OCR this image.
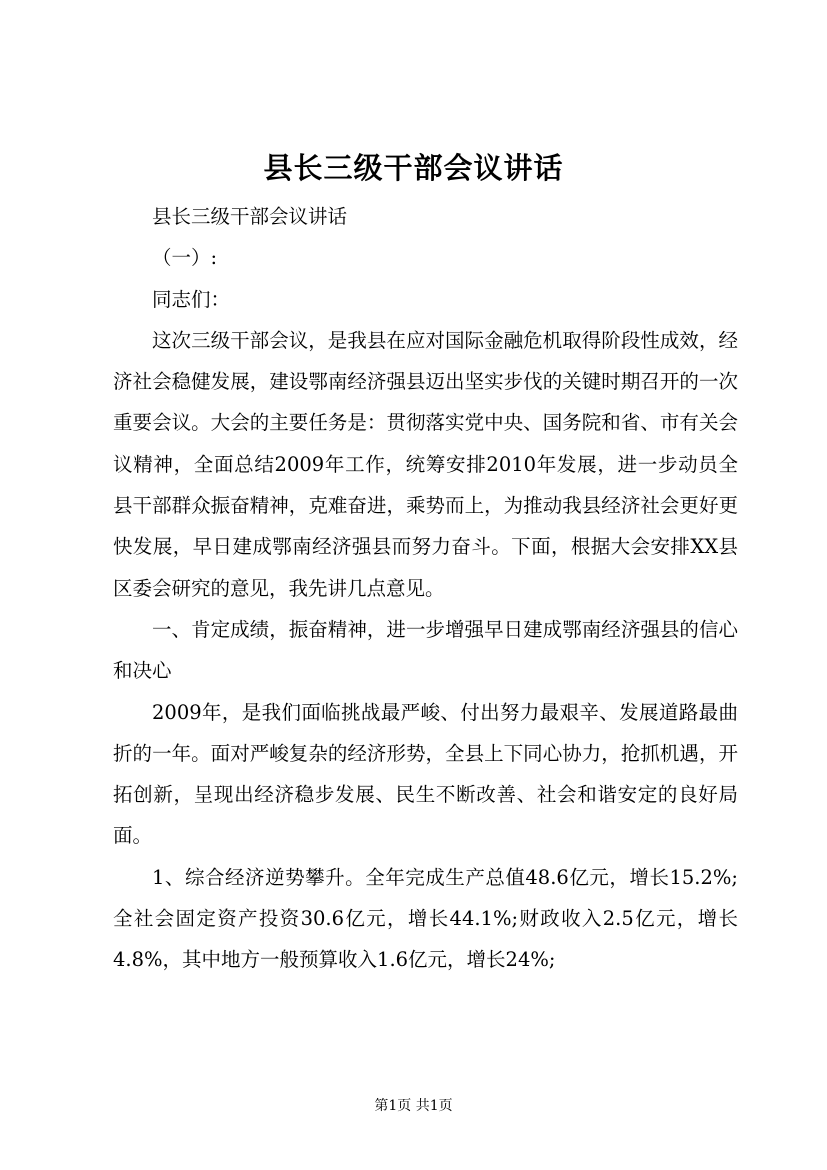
县长三级干部会议讲话

县长三级干部会议讲话

（一）:

同志们：

这次三级干部会议，是我县在应对国际金融危机取得阶段性成效，经济社会稳健发展，建设鄂南经济强县迈出坚实步伐的关键时期召开的一次重要会议。大会的主要任务是：贯彻落实党中央、国务院和省、市有关会议精神，全面总结2009年工作，统筹安排2010年发展，进一步动员全县干部群众振奋精神，克难奋进，乘势而上，为推动我县经济社会更好更快发展，早日建成鄂南经济强县而努力奋斗。下面，根据大会安排XX县区委会研究的意见，我先讲几点意见。

一、肯定成绩，振奋精神，进一步增强早日建成鄂南经济强县的信心和决心

2009年，是我们面临挑战最严峻、付出努力最艰辛、发展道路最曲折的一年。面对严峻复杂的经济形势，全县上下同心协力，抢抓机遇，开拓创新，呈现出经济稳步发展、民生不断改善、社会和谐安定的良好局面。

1、综合经济逆势攀升。全年完成生产总值48.6亿元，增长15.2%;全社会固定资产投资30.6亿元，增长44.1%;财政收入2.5亿元，增长4.8%，其中地方一般预算收入1.6亿元，增长24%;

第1页 共1页
